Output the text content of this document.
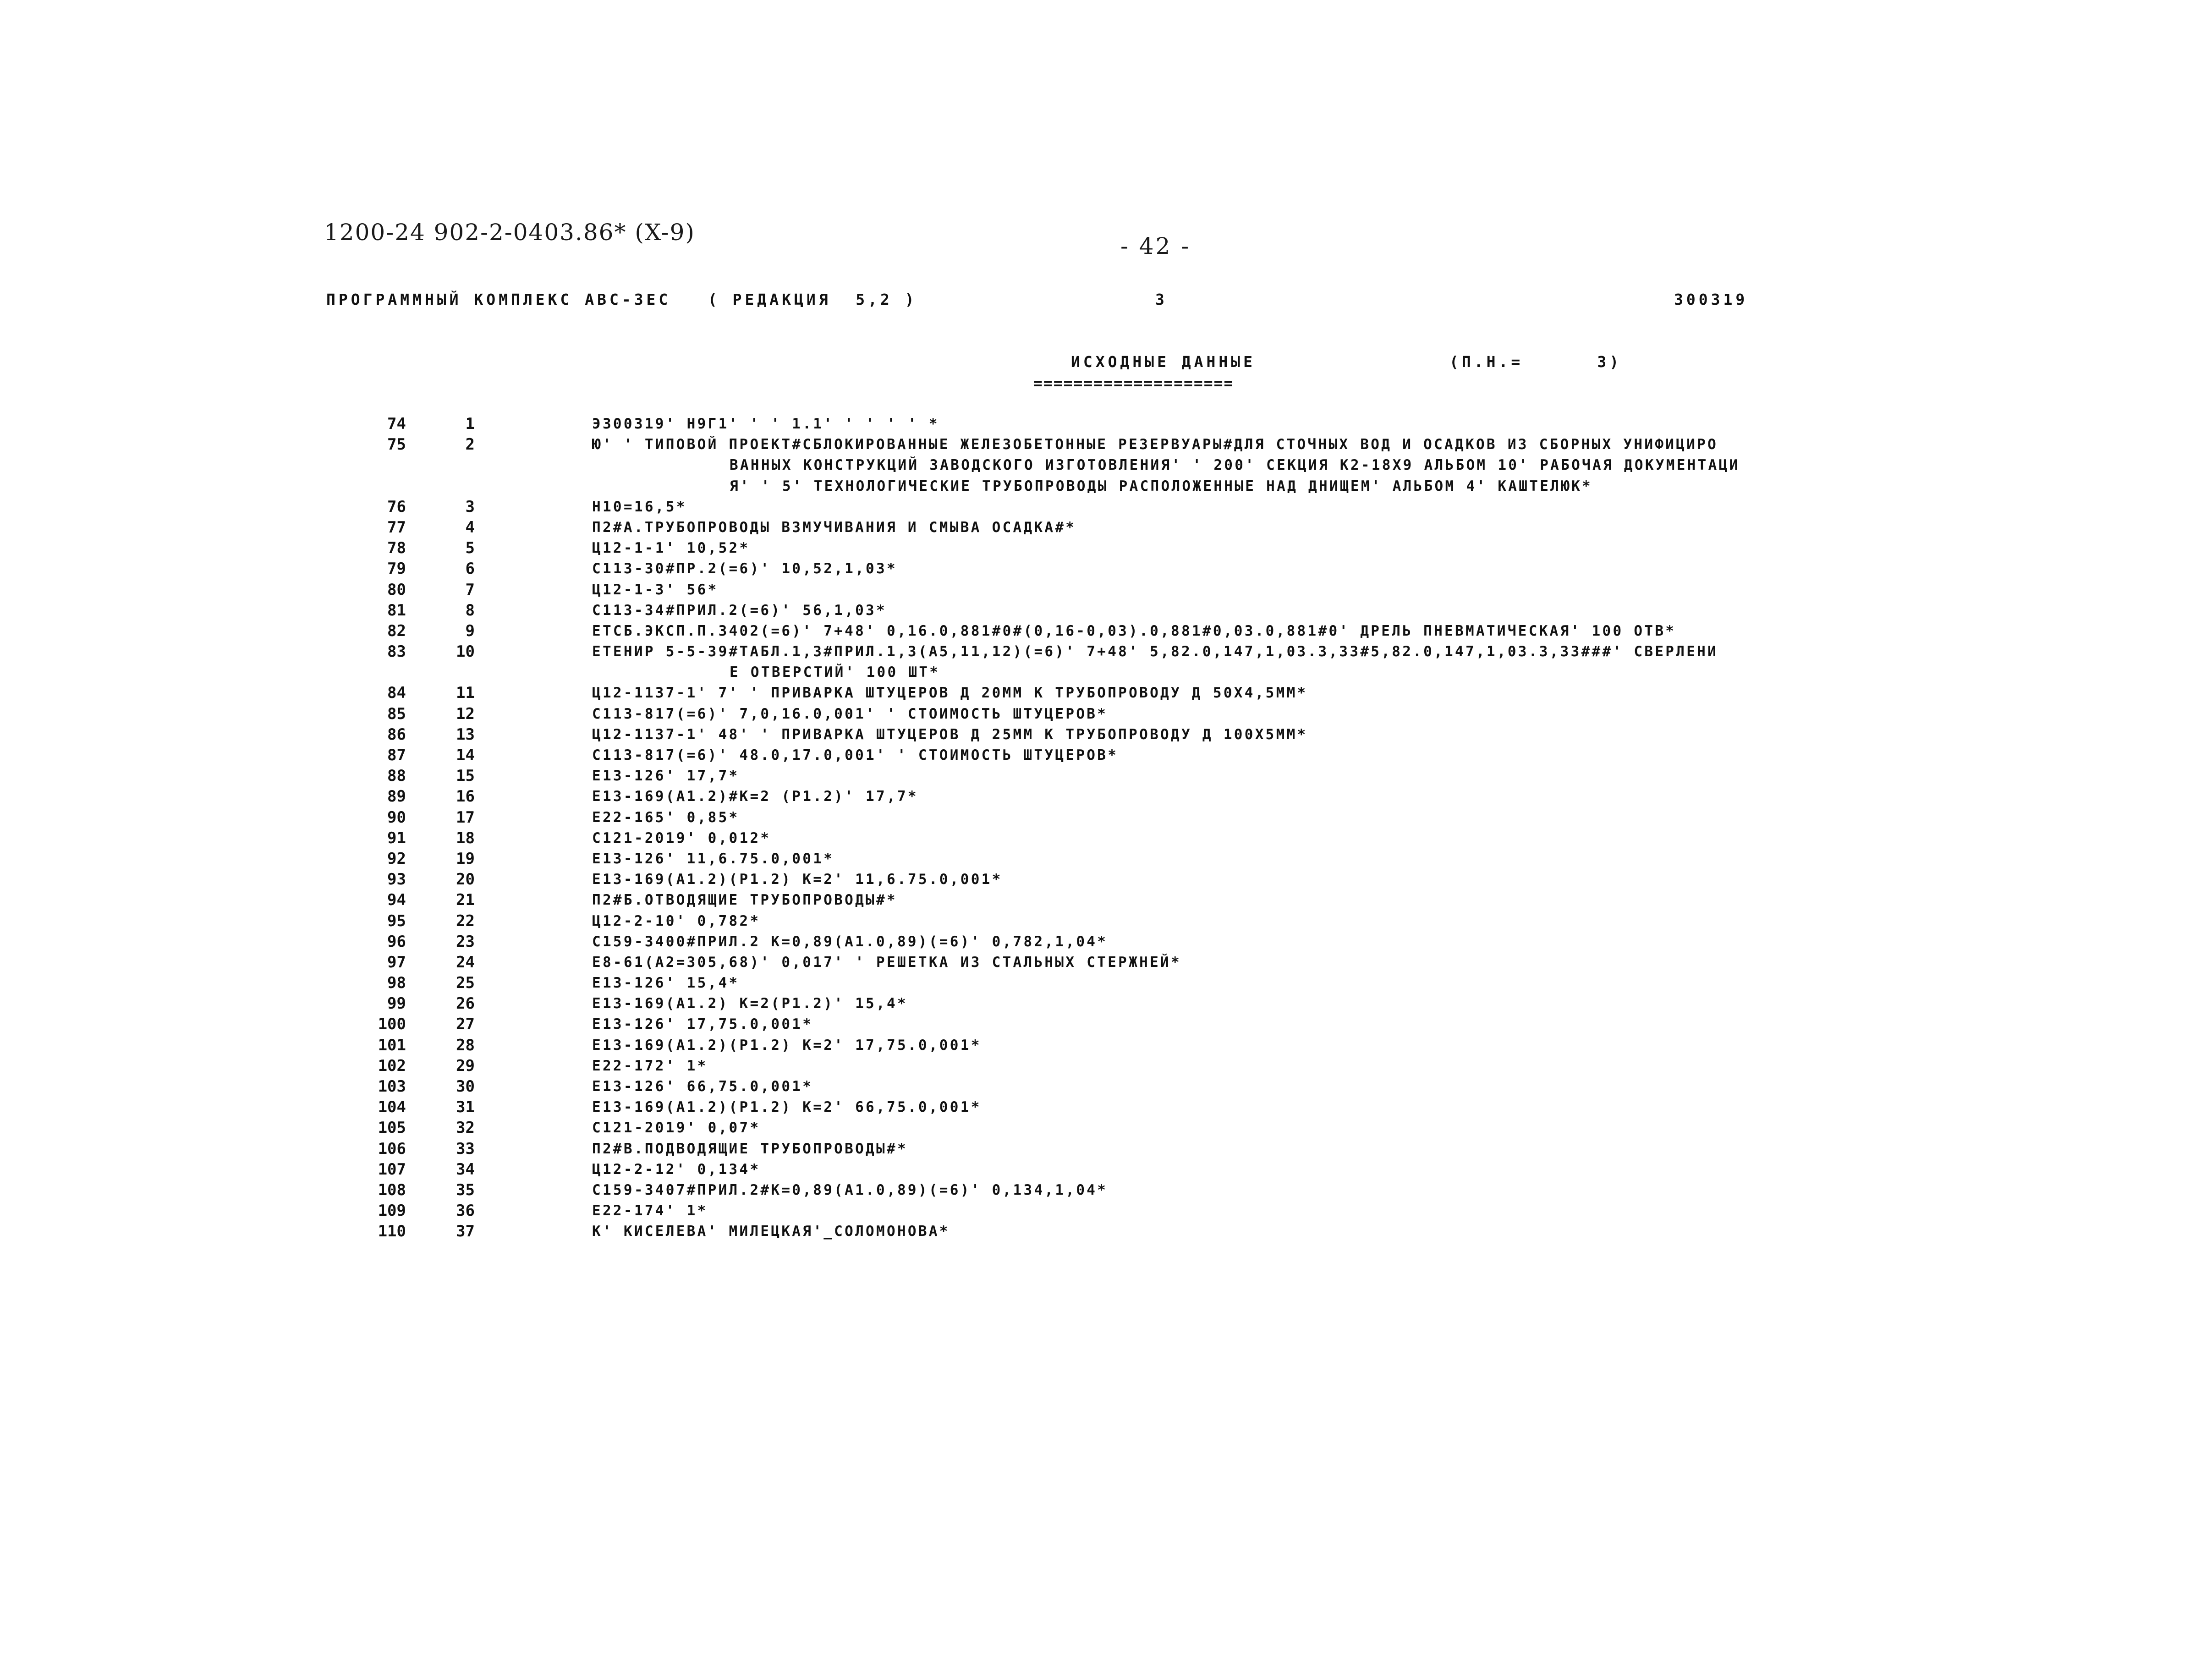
1200-24 902-2-0403.86* (X-9)
- 42 -
ПРОГРАММНЫЙ КОМПЛЕКС АВС-3ЕС   ( РЕДАКЦИЯ  5,2 )	3	300319
ИСХОДНЫЕ ДАННЫЕ	(П.Н.=      3)
====================
74	1	Э300319' Н9Г1' ' ' 1.1' ' ' ' ' *
75	2	Ю' ' ТИПОВОЙ ПРОЕКТ#СБЛОКИРОВАННЫЕ ЖЕЛЕЗОБЕТОННЫЕ РЕЗЕРВУАРЫ#ДЛЯ СТОЧНЫХ ВОД И ОСАДКОВ ИЗ СБОРНЫХ УНИФИЦИРО
ВАННЫХ КОНСТРУКЦИЙ ЗАВОДСКОГО ИЗГОТОВЛЕНИЯ' ' 200' СЕКЦИЯ К2-18Х9 АЛЬБОМ 10' РАБОЧАЯ ДОКУМЕНТАЦИ
Я' ' 5' ТЕХНОЛОГИЧЕСКИЕ ТРУБОПРОВОДЫ РАСПОЛОЖЕННЫЕ НАД ДНИЩЕМ' АЛЬБОМ 4' КАШТЕЛЮК*
76	3	Н10=16,5*
77	4	П2#А.ТРУБОПРОВОДЫ ВЗМУЧИВАНИЯ И СМЫВА ОСАДКА#*
78	5	Ц12-1-1' 10,52*
79	6	С113-30#ПР.2(=6)' 10,52,1,03*
80	7	Ц12-1-3' 56*
81	8	С113-34#ПРИЛ.2(=6)' 56,1,03*
82	9	ЕТСБ.ЭКСП.П.3402(=6)' 7+48' 0,16.0,881#0#(0,16-0,03).0,881#0,03.0,881#0' ДРЕЛЬ ПНЕВМАТИЧЕСКАЯ' 100 ОТВ*
83	10	ЕТЕНИР 5-5-39#ТАБЛ.1,3#ПРИЛ.1,3(А5,11,12)(=6)' 7+48' 5,82.0,147,1,03.3,33#5,82.0,147,1,03.3,33###' СВЕРЛЕНИ
Е ОТВЕРСТИЙ' 100 ШТ*
84	11	Ц12-1137-1' 7' ' ПРИВАРКА ШТУЦЕРОВ Д 20ММ К ТРУБОПРОВОДУ Д 50Х4,5ММ*
85	12	С113-817(=6)' 7,0,16.0,001' ' СТОИМОСТЬ ШТУЦЕРОВ*
86	13	Ц12-1137-1' 48' ' ПРИВАРКА ШТУЦЕРОВ Д 25ММ К ТРУБОПРОВОДУ Д 100Х5ММ*
87	14	С113-817(=6)' 48.0,17.0,001' ' СТОИМОСТЬ ШТУЦЕРОВ*
88	15	Е13-126' 17,7*
89	16	Е13-169(А1.2)#К=2 (Р1.2)' 17,7*
90	17	Е22-165' 0,85*
91	18	С121-2019' 0,012*
92	19	Е13-126' 11,6.75.0,001*
93	20	Е13-169(А1.2)(Р1.2) К=2' 11,6.75.0,001*
94	21	П2#Б.ОТВОДЯЩИЕ ТРУБОПРОВОДЫ#*
95	22	Ц12-2-10' 0,782*
96	23	С159-3400#ПРИЛ.2 К=0,89(А1.0,89)(=6)' 0,782,1,04*
97	24	Е8-61(А2=305,68)' 0,017' ' РЕШЕТКА ИЗ СТАЛЬНЫХ СТЕРЖНЕЙ*
98	25	Е13-126' 15,4*
99	26	Е13-169(А1.2) К=2(Р1.2)' 15,4*
100	27	Е13-126' 17,75.0,001*
101	28	Е13-169(А1.2)(Р1.2) К=2' 17,75.0,001*
102	29	Е22-172' 1*
103	30	Е13-126' 66,75.0,001*
104	31	Е13-169(А1.2)(Р1.2) К=2' 66,75.0,001*
105	32	С121-2019' 0,07*
106	33	П2#В.ПОДВОДЯЩИЕ ТРУБОПРОВОДЫ#*
107	34	Ц12-2-12' 0,134*
108	35	С159-3407#ПРИЛ.2#К=0,89(А1.0,89)(=6)' 0,134,1,04*
109	36	Е22-174' 1*
110	37	К' КИСЕЛЕВА' МИЛЕЦКАЯ'_СОЛОМОНОВА*
